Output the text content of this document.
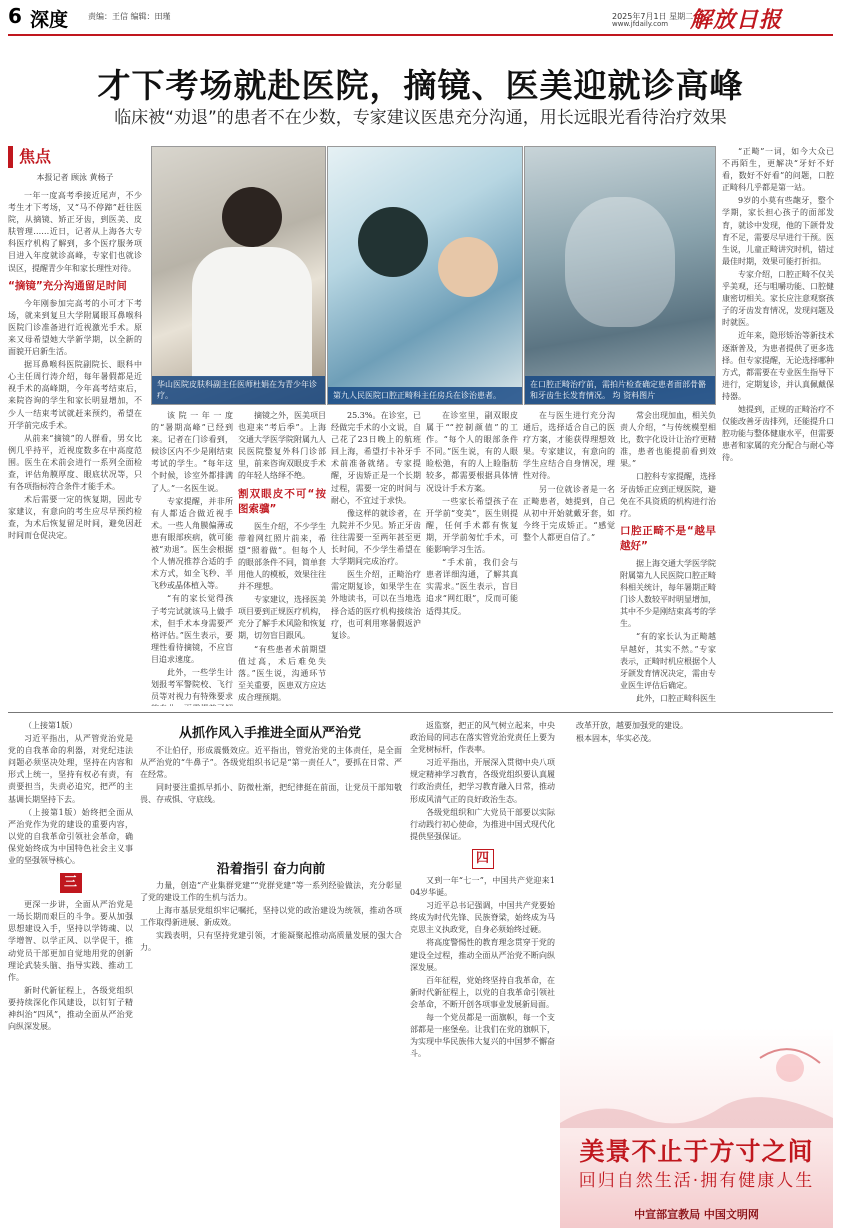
6 深度 责编：王信 编辑：田瑾	2025年7月1日 星期二
www.jfdaily.com 解放日报
才下考场就赴医院，摘镜、医美迎就诊高峰
临床被“劝退”的患者不在少数，专家建议医患充分沟通，用长远眼光看待治疗效果
焦点
本报记者 顾泳 黄杨子

一年一度高考季接近尾声，不少考生才下考场，又“马不停蹄”赶往医院，从摘镜、矫正牙齿，到医美、皮肤管理……近日，记者从上海各大专科医疗机构了解到，多个医疗服务项目进入年度就诊高峰，专家们也就诊误区，提醒青少年和家长理性对待。

“摘镜”充分沟通留足时间

今年刚参加完高考的小可才下考场，就来到复旦大学附属眼耳鼻喉科医院门诊准备进行近视激光手术。原来又母希望她大学新学期，以全新的面貌开启新生活。

据耳鼻喉科医院副院长、眼科中心主任周行涛介绍，每年暑假都是近视手术的高峰期，今年高考结束后，来院咨询的学生和家长明显增加，不少人一结束考试就赶来预约，希望在开学前完成手术。

从前来“摘镜”的人群看，男女比例几乎持平，近视度数多在中高度范围。医生在术前会进行一系列全面检查，评估角膜厚度、眼底状况等，只有各项指标符合条件才能手术。

术后需要一定的恢复期，因此专家建议，有意向的考生应尽早预约检查，为术后恢复留足时间，避免因赶时间而仓促决定。

华山医院皮肤科副主任医师杜娟在为青少年诊疗。	第九人民医院口腔正畸科主任房兵在诊治患者。
在口腔正畸治疗前，需拍片检查确定患者面部骨骼和牙齿生长发育情况。 均 资料图片

该院一年一度的“暑期高峰”已经到来。记者在门诊看到，候诊区内不少是刚结束考试的学生。“每年这个时候，诊室外都排满了人。”一名医生说。

专家提醒，并非所有人都适合做近视手术。一些人角膜偏薄或患有眼部疾病，就可能被“劝退”。医生会根据个人情况推荐合适的手术方式，如全飞秒、半飞秒或晶体植入等。

“有的家长觉得孩子考完试就该马上做手术，但手术本身需要严格评估。”医生表示，要理性看待摘镜，不应盲目追求速度。

此外，一些学生计划报考军警院校、飞行员等对视力有特殊要求

摘镜之外，医美项目也迎来“考后季”。上海交通大学医学院附属九人民医院整复外科门诊部里，前来咨询双眼皮手术的年轻人络绎不绝。

割双眼皮不可“按图索骥”

医生介绍，不少学生带着网红照片前来，希望“照着做”。但每个人的眼部条件不同，简单套用他人的模板，效果往往并不理想。

专家建议，选择医美项目要到正规医疗机构，充分了解手术风险和恢复期，切勿盲目跟风。

“有些患者术前期望值过高，术后难免失落。”医生说，沟通环节至关重要，医患双方应达成合理预期。

25.3%。在诊室，已经做完手术的小文说，自己花了23日晚上的航班回上海，希望打卡补牙手术前准备就绪。专家提醒，牙齿矫正是一个长期过程，需要一定的时间与耐心，不宜过于求快。

像这样的就诊者，在九院并不少见。矫正牙齿往往需要一至两年甚至更长时间，不少学生希望在大学期间完成治疗。

医生介绍，正畸治疗需定期复诊，如果学生在外地读书，可以在当地选择合适的医疗机构接续治疗，也可利用寒暑假返沪复诊。

在诊室里，副双眼皮属于““控制颜值”的工作。“每个人的眼部条件不同。”医生说，有的人眼睑松弛，有的人上睑脂肪较多，都需要根据具体情况设计手术方案。

一些家长希望孩子在开学前“变美”，医生则提醒，任何手术都有恢复期，开学前匆忙手术，可能影响学习生活。

“手术前，我们会与患者详细沟通，了解其真实需求。”医生表示，盲目追求“网红眼”，反而可能适得其反。

在与医生进行充分沟通后，选择适合自己的医疗方案，才能获得理想效果。专家建议，有意向的学生应结合自身情况，理性对待。

另一位就诊者是一名正畸患者，她提到，自己从初中开始就戴牙套，如今终于完成矫正。“感觉整个人都更自信了。”

常会出现加血，相关负责人介绍，“与传统模型相比，数字化设计让治疗更精准，患者也能提前看到效果。”

口腔科专家提醒，选择牙齿矫正应到正规医院，避免在不具资质的机构进行治疗。

口腔正畸不是“越早越好”

据上海交通大学医学院附属第九人民医院口腔正畸科相关统计，每年暑期正畸门诊人数较平时明显增加，其中不少是刚结束高考的学生。

“有的家长认为正畸越早越好，其实不然。”专家表示，正畸时机应根据个人牙颌发育情况决定，需由专业医生评估后确定。

此外，口腔正畸科医生

“正畸”一词，如今大众已不再陌生，更解决“牙好不好看，数好不好看”的问题，口腔正畸科几乎都是第一站。

9岁的小莫有些龅牙，整个学期，家长担心孩子的面部发育，就诊中发现，他的下颌骨发育不足，需要尽早进行干预。医生说，儿童正畸讲究时机，错过最佳时期，效果可能打折扣。

专家介绍，口腔正畸不仅关乎美观，还与咀嚼功能、口腔健康密切相关。家长应注意观察孩子的牙齿发育情况，发现问题及时就医。

近年来，隐形矫治等新技术逐渐普及，为患者提供了更多选择。但专家提醒，无论选择哪种方式，都需要在专业医生指导下进行，定期复诊，并认真佩戴保持器。

她提到，正规的正畸治疗不仅能改善牙齿排列，还能提升口腔功能与整体健康水平，但需要患者和家属的充分配合与耐心等待。

（上接第1版）

习近平指出，从严管党治党是党的自我革命的利器，对党纪违法问题必须坚决处理，坚持在内容和形式上统一，坚持有权必有责，有责要担当，失责必追究，把严的主基调长期坚持下去。

（上接第1版）始终把全面从严治党作为党的建设的重要内容，以党的自我革命引领社会革命，确保党始终成为中国特色社会主义事业的坚强领导核心。

三

更深一步讲，全面从严治党是一场长期而艰巨的斗争。要从加强思想建设入手，坚持以学铸魂、以学增智、以学正风、以学促干，推动党员干部更加自觉地用党的创新理论武装头脑、指导实践、推动工作。

新时代新征程上，各级党组织要持续深化作风建设，以钉钉子精神纠治“四风”，推动全面从严治党向纵深发展。

从抓作风入手推进全面从严治党

不让伯仔，形成震慑效应。近平指出，管党治党的主体责任，是全面从严治党的“牛鼻子”。各级党组织书记是“第一责任人”，要抓在日常、严在经常。

同时要注重抓早抓小、防微杜渐，把纪律挺在前面，让党员干部知敬畏、存戒惧、守底线。

沿着指引 奋力向前

力量，创造“产业集群党建”“党群党建”等一系列经验做法，充分彰显了党的建设工作的生机与活力。

上海市基层党组织牢记嘱托，坚持以党的政治建设为统领，推动各项工作取得新进展、新成效。

实践表明，只有坚持党建引领，才能凝聚起推动高质量发展的强大合力。

返监察，把正的风气树立起来，中央政治局的同志在落实管党治党责任上要为全党树标杆，作表率。

习近平指出，开展深入贯彻中央八项规定精神学习教育，各级党组织要认真履行政治责任，把学习教育融入日常，推动形成风清气正的良好政治生态。

各级党组织和广大党员干部要以实际行动践行初心使命，为推进中国式现代化提供坚强保证。

四

又到一年“七一”，中国共产党迎来104岁华诞。

习近平总书记强调，中国共产党要始终成为时代先锋、民族脊梁，始终成为马克思主义执政党，自身必须始终过硬。

将高度警惕性的教育理念贯穿于党的建设全过程，推动全面从严治党不断向纵深发展。

百年征程，党始终坚持自我革命，在新时代新征程上，以党的自我革命引领社会革命，不断开创各项事业发展新局面。

每一个党员都是一面旗帜，每一个支部都是一座堡垒。让我们在党的旗帜下，为实现中华民族伟大复兴的中国梦不懈奋斗。

改革开放，越要加强党的建设。

根本固本，华实必茂。

美景不止于方寸之间
回归自然生活·拥有健康人生
中宣部宣教局 中国文明网
